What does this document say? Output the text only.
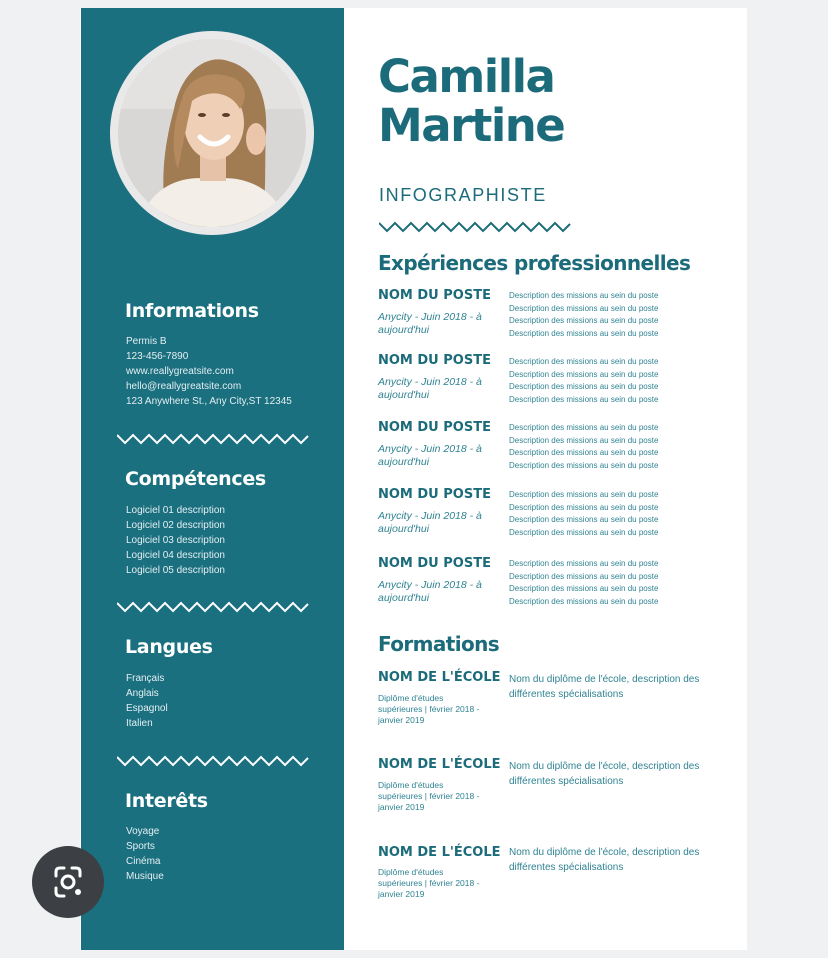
Informations
Permis B
123-456-7890
www.reallygreatsite.com
hello@reallygreatsite.com
123 Anywhere St., Any City,ST 12345
Compétences
Logiciel 01 description
Logiciel 02 description
Logiciel 03 description
Logiciel 04 description
Logiciel 05 description
Langues
Français
Anglais
Espagnol
Italien
Interêts
Voyage
Sports
Cinéma
Musique
Camilla
Martine
INFOGRAPHISTE
Expériences professionnelles
NOM DU POSTE
Anycity - Juin 2018 - à aujourd'hui
Description des missions au sein du poste
Description des missions au sein du poste
Description des missions au sein du poste
Description des missions au sein du poste
NOM DU POSTE
Anycity - Juin 2018 - à aujourd'hui
Description des missions au sein du poste
Description des missions au sein du poste
Description des missions au sein du poste
Description des missions au sein du poste
NOM DU POSTE
Anycity - Juin 2018 - à aujourd'hui
Description des missions au sein du poste
Description des missions au sein du poste
Description des missions au sein du poste
Description des missions au sein du poste
NOM DU POSTE
Anycity - Juin 2018 - à aujourd'hui
Description des missions au sein du poste
Description des missions au sein du poste
Description des missions au sein du poste
Description des missions au sein du poste
NOM DU POSTE
Anycity - Juin 2018 - à aujourd'hui
Description des missions au sein du poste
Description des missions au sein du poste
Description des missions au sein du poste
Description des missions au sein du poste
Formations
NOM DE L'ÉCOLE
Diplôme d'études supérieures | février 2018 - janvier 2019
Nom du diplôme de l'école, description des différentes spécialisations
NOM DE L'ÉCOLE
Diplôme d'études supérieures | février 2018 - janvier 2019
Nom du diplôme de l'école, description des différentes spécialisations
NOM DE L'ÉCOLE
Diplôme d'études supérieures | février 2018 - janvier 2019
Nom du diplôme de l'école, description des différentes spécialisations
